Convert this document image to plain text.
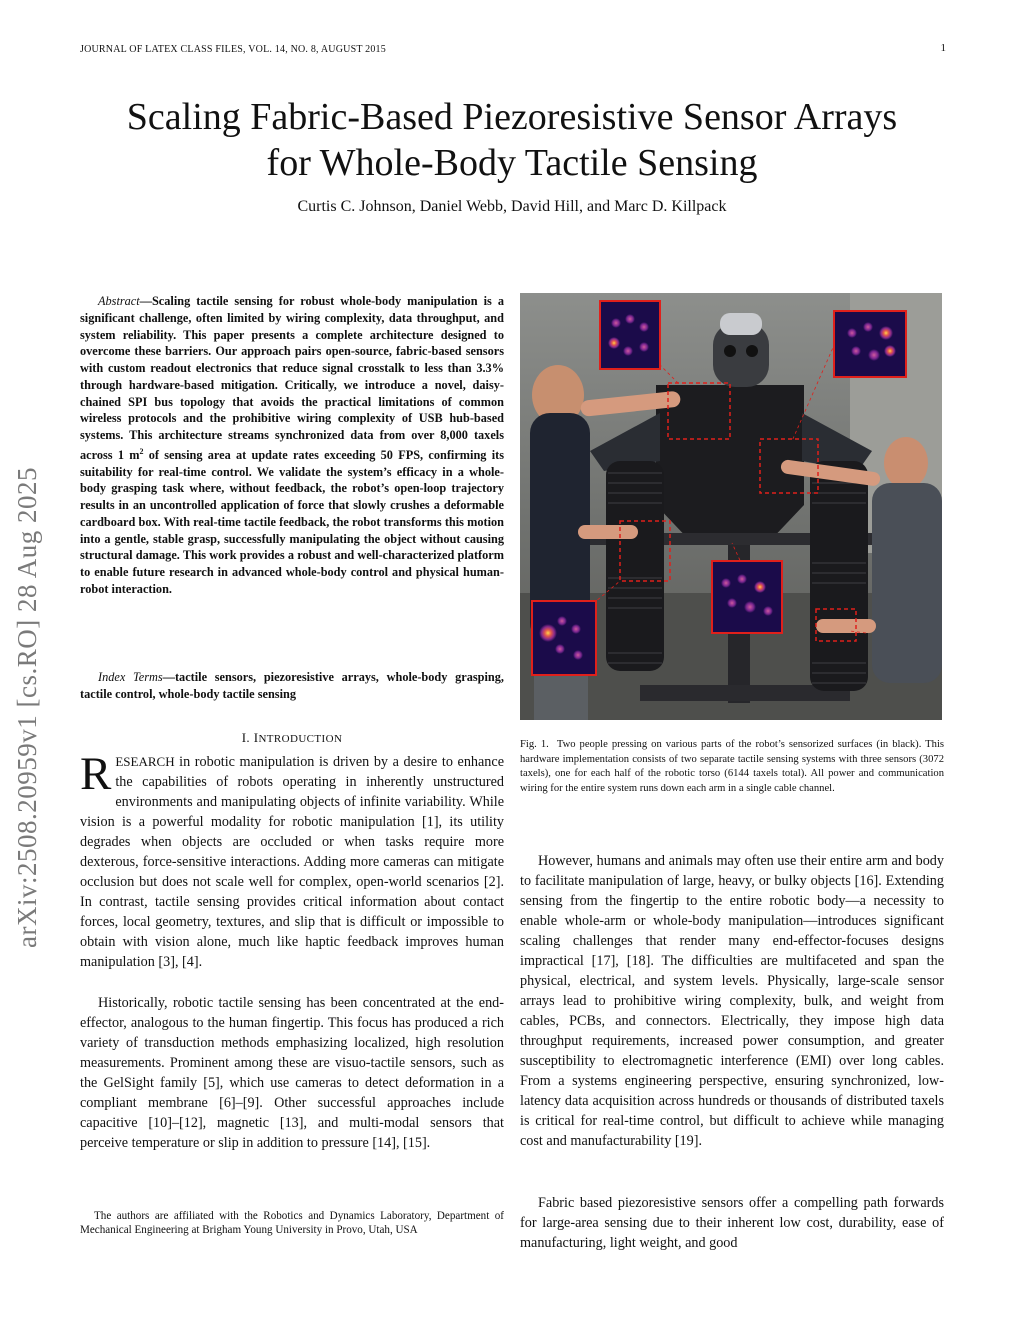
JOURNAL OF LATEX CLASS FILES, VOL. 14, NO. 8, AUGUST 2015	1
arXiv:2508.20959v1 [cs.RO] 28 Aug 2025
Scaling Fabric-Based Piezoresistive Sensor Arrays
for Whole-Body Tactile Sensing
Curtis C. Johnson, Daniel Webb, David Hill, and Marc D. Killpack
Abstract—Scaling tactile sensing for robust whole-body manipulation is a significant challenge, often limited by wiring complexity, data throughput, and system reliability. This paper presents a complete architecture designed to overcome these barriers. Our approach pairs open-source, fabric-based sensors with custom readout electronics that reduce signal crosstalk to less than 3.3% through hardware-based mitigation. Critically, we introduce a novel, daisy-chained SPI bus topology that avoids the practical limitations of common wireless protocols and the prohibitive wiring complexity of USB hub-based systems. This architecture streams synchronized data from over 8,000 taxels across 1 $m^2$ of sensing area at update rates exceeding 50 FPS, confirming its suitability for real-time control. We validate the system’s efficacy in a whole-body grasping task where, without feedback, the robot’s open-loop trajectory results in an uncontrolled application of force that slowly crushes a deformable cardboard box. With real-time tactile feedback, the robot transforms this motion into a gentle, stable grasp, successfully manipulating the object without causing structural damage. This work provides a robust and well-characterized platform to enable future research in advanced whole-body control and physical human-robot interaction.
Index Terms—tactile sensors, piezoresistive arrays, whole-body grasping, tactile control, whole-body tactile sensing
I. INTRODUCTION
RESEARCH in robotic manipulation is driven by a desire to enhance the capabilities of robots operating in inherently unstructured environments and manipulating objects of infinite variability. While vision is a powerful modality for robotic manipulation [1], its utility degrades when objects are occluded or when tasks require more dexterous, force-sensitive interactions. Adding more cameras can mitigate occlusion but does not scale well for complex, open-world scenarios [2]. In contrast, tactile sensing provides critical information about contact forces, local geometry, textures, and slip that is difficult or impossible to obtain with vision alone, much like haptic feedback improves human manipulation [3], [4].
Historically, robotic tactile sensing has been concentrated at the end-effector, analogous to the human fingertip. This focus has produced a rich variety of transduction methods emphasizing localized, high resolution measurements. Prominent among these are visuo-tactile sensors, such as the GelSight family [5], which use cameras to detect deformation in a compliant membrane [6]–[9]. Other successful approaches include capacitive [10]–[12], magnetic [13], and multi-modal sensors that perceive temperature or slip in addition to pressure [14], [15].
The authors are affiliated with the Robotics and Dynamics Laboratory, Department of Mechanical Engineering at Brigham Young University in Provo, Utah, USA
Fig. 1. Two people pressing on various parts of the robot’s sensorized surfaces (in black). This hardware implementation consists of two separate tactile sensing systems with three sensors (3072 taxels), one for each half of the robotic torso (6144 taxels total). All power and communication wiring for the entire system runs down each arm in a single cable channel.
However, humans and animals may often use their entire arm and body to facilitate manipulation of large, heavy, or bulky objects [16]. Extending sensing from the fingertip to the entire robotic body—a necessity to enable whole-arm or whole-body manipulation—introduces significant scaling challenges that render many end-effector-focuses designs impractical [17], [18]. The difficulties are multifaceted and span the physical, electrical, and system levels. Physically, large-scale sensor arrays lead to prohibitive wiring complexity, bulk, and weight from cables, PCBs, and connectors. Electrically, they impose high data throughput requirements, increased power consumption, and greater susceptibility to electromagnetic interference (EMI) over long cables. From a systems engineering perspective, ensuring synchronized, low-latency data acquisition across hundreds or thousands of distributed taxels is critical for real-time control, but difficult to achieve while managing cost and manufacturability [19].
Fabric based piezoresistive sensors offer a compelling path forwards for large-area sensing due to their inherent low cost, durability, ease of manufacturing, light weight, and good
